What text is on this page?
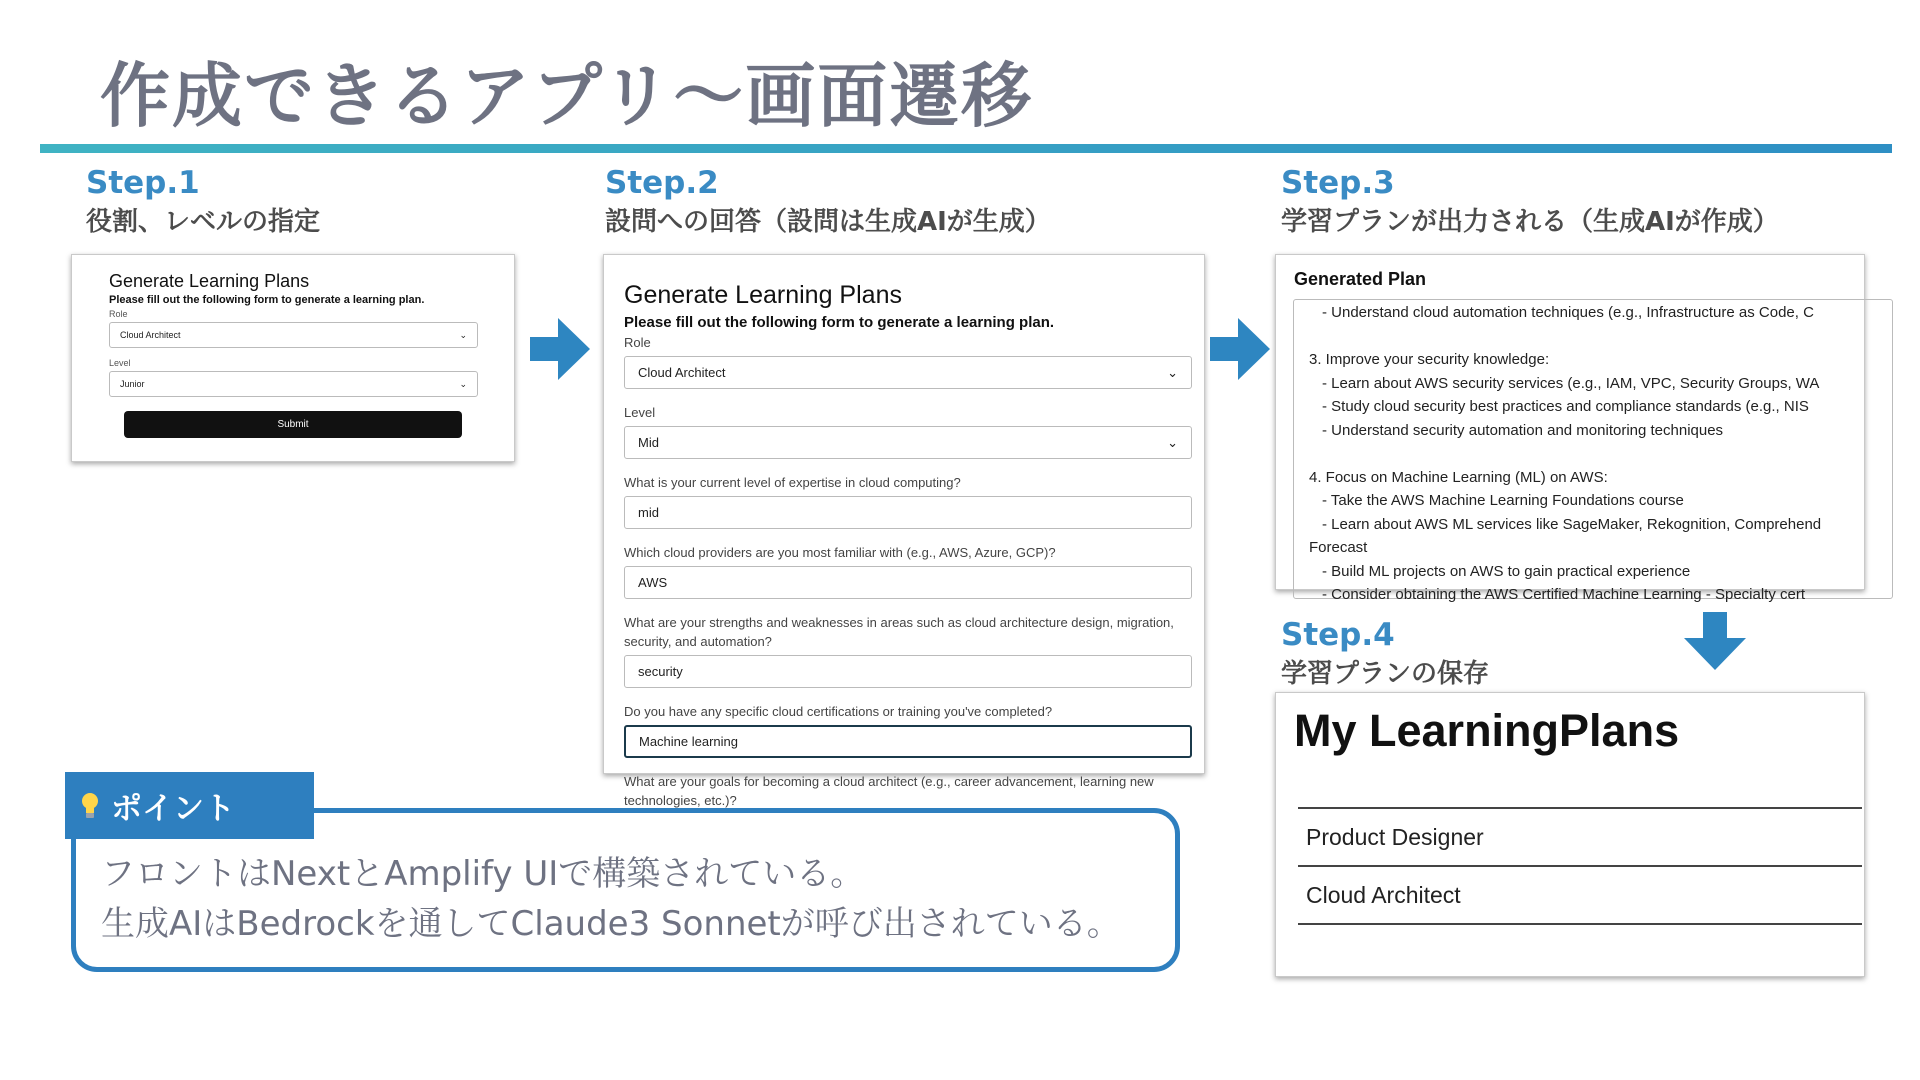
作成できるアプリ〜画面遷移
Step.1
役割、レベルの指定
Step.2
設問への回答（設問は生成AIが生成）
Step.3
学習プランが出力される（生成AIが作成）
Step.4
学習プランの保存
Generate Learning Plans
Please fill out the following form to generate a learning plan.
Role
Cloud Architect	⌄
Level
Junior	⌄
Submit
Generate Learning Plans
Please fill out the following form to generate a learning plan.
Role
Cloud Architect	⌄
Level
Mid	⌄
What is your current level of expertise in cloud computing?
mid
Which cloud providers are you most familiar with (e.g., AWS, Azure, GCP)?
AWS
What are your strengths and weaknesses in areas such as cloud architecture design, migration, security, and automation?
security
Do you have any specific cloud certifications or training you've completed?
Machine learning
What are your goals for becoming a cloud architect (e.g., career advancement, learning new technologies, etc.)?
Generated Plan
- Understand cloud automation techniques (e.g., Infrastructure as Code, C
3. Improve your security knowledge:
- Learn about AWS security services (e.g., IAM, VPC, Security Groups, WA
- Study cloud security best practices and compliance standards (e.g., NIS
- Understand security automation and monitoring techniques
4. Focus on Machine Learning (ML) on AWS:
- Take the AWS Machine Learning Foundations course
- Learn about AWS ML services like SageMaker, Rekognition, Comprehend
Forecast
- Build ML projects on AWS to gain practical experience
- Consider obtaining the AWS Certified Machine Learning - Specialty cert
My LearningPlans
Product Designer
Cloud Architect
フロントはNextとAmplify UIで構築されている。
生成AIはBedrockを通してClaude3 Sonnetが呼び出されている。
ポイント
